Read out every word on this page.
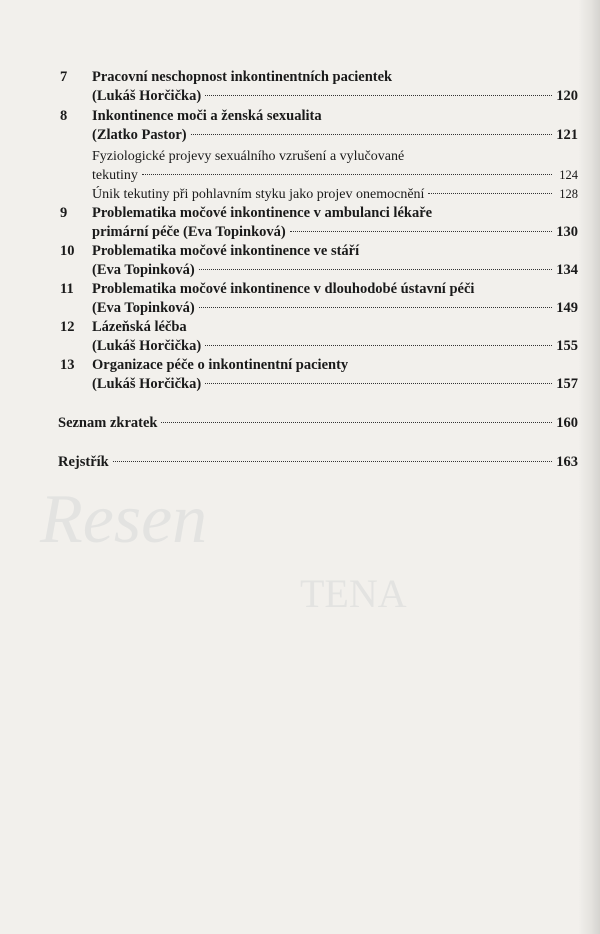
Resen
TENA
7	Pracovní neschopnost inkontinentních pacientek
(Lukáš Horčička)	120
8	Inkontinence moči a ženská sexualita
(Zlatko Pastor)	121
Fyziologické projevy sexuálního vzrušení a vylučované
tekutiny	124
Únik tekutiny při pohlavním styku jako projev onemocnění	128
9	Problematika močové inkontinence v ambulanci lékaře
primární péče (Eva Topinková)	130
10	Problematika močové inkontinence ve stáří
(Eva Topinková)	134
11	Problematika močové inkontinence v dlouhodobé ústavní péči
(Eva Topinková)	149
12	Lázeňská léčba
(Lukáš Horčička)	155
13	Organizace péče o inkontinentní pacienty
(Lukáš Horčička)	157
Seznam zkratek	160
Rejstřík	163
